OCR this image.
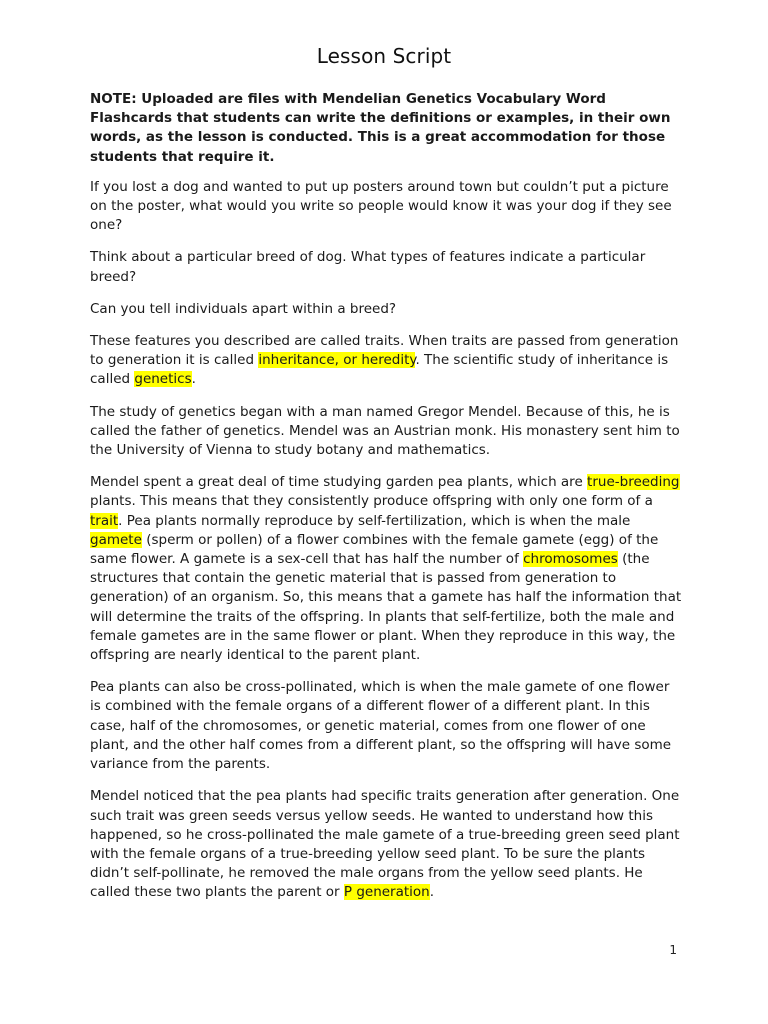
Lesson Script

NOTE: Uploaded are files with Mendelian Genetics Vocabulary Word Flashcards that students can write the definitions or examples, in their own words, as the lesson is conducted. This is a great accommodation for those students that require it.

If you lost a dog and wanted to put up posters around town but couldn’t put a picture on the poster, what would you write so people would know it was your dog if they see one?

Think about a particular breed of dog. What types of features indicate a particular breed?

Can you tell individuals apart within a breed?

These features you described are called traits. When traits are passed from generation to generation it is called inheritance, or heredity. The scientific study of inheritance is called genetics.

The study of genetics began with a man named Gregor Mendel. Because of this, he is called the father of genetics. Mendel was an Austrian monk. His monastery sent him to the University of Vienna to study botany and mathematics.

Mendel spent a great deal of time studying garden pea plants, which are true-breeding plants. This means that they consistently produce offspring with only one form of a trait. Pea plants normally reproduce by self-fertilization, which is when the male gamete (sperm or pollen) of a flower combines with the female gamete (egg) of the same flower. A gamete is a sex-cell that has half the number of chromosomes (the structures that contain the genetic material that is passed from generation to generation) of an organism. So, this means that a gamete has half the information that will determine the traits of the offspring. In plants that self-fertilize, both the male and female gametes are in the same flower or plant. When they reproduce in this way, the offspring are nearly identical to the parent plant.

Pea plants can also be cross-pollinated, which is when the male gamete of one flower is combined with the female organs of a different flower of a different plant. In this case, half of the chromosomes, or genetic material, comes from one flower of one plant, and the other half comes from a different plant, so the offspring will have some variance from the parents.

Mendel noticed that the pea plants had specific traits generation after generation. One such trait was green seeds versus yellow seeds. He wanted to understand how this happened, so he cross-pollinated the male gamete of a true-breeding green seed plant with the female organs of a true-breeding yellow seed plant. To be sure the plants didn’t self-pollinate, he removed the male organs from the yellow seed plants. He called these two plants the parent or P generation.

1
